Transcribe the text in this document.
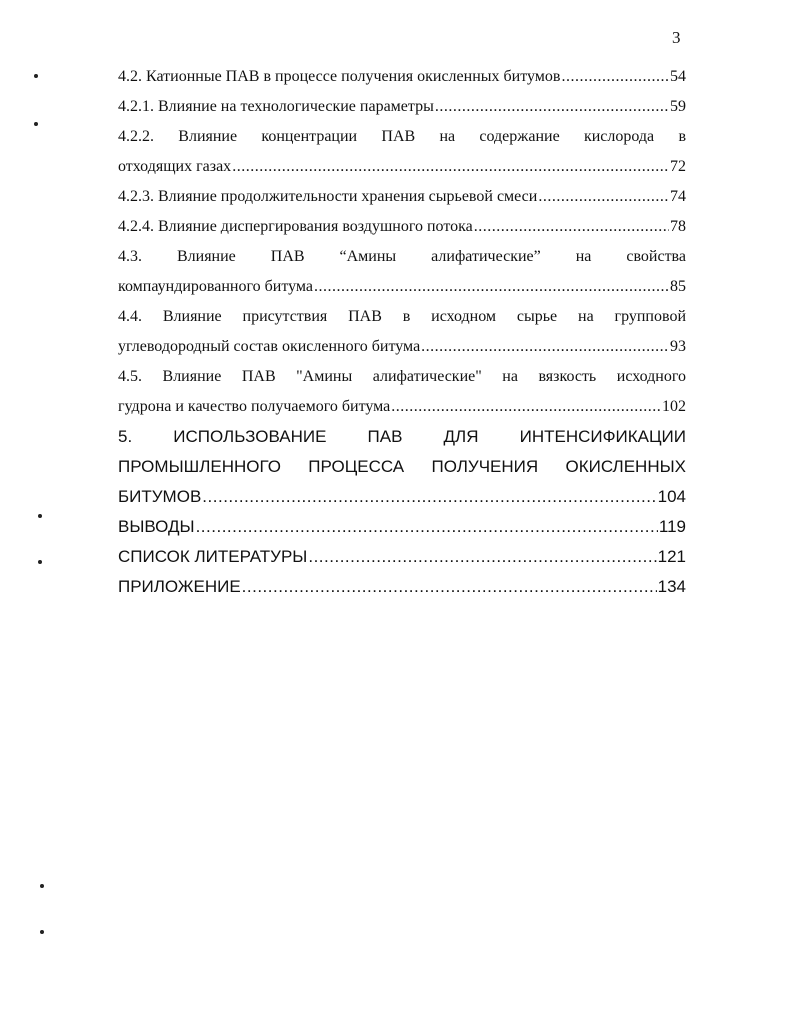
3
4.2. Катионные ПАВ в процессе получения окисленных битумов .....	54
4.2.1. Влияние на технологические параметры .....	59
4.2.2. Влияние концентрации ПАВ на содержание кислорода в
отходящих газах .....	72
4.2.3. Влияние продолжительности хранения сырьевой смеси .....	74
4.2.4. Влияние диспергирования воздушного потока .....	78
4.3. Влияние ПАВ “Амины алифатические” на свойства
компаундированного битума .....	85
4.4. Влияние присутствия ПАВ в исходном сырье на групповой
углеводородный состав окисленного битума .....	93
4.5. Влияние ПАВ "Амины алифатические" на вязкость исходного
гудрона и качество получаемого битума .....	102
5. ИСПОЛЬЗОВАНИЕ ПАВ ДЛЯ ИНТЕНСИФИКАЦИИ
ПРОМЫШЛЕННОГО ПРОЦЕССА ПОЛУЧЕНИЯ ОКИСЛЕННЫХ
БИТУМОВ .....	104
ВЫВОДЫ .....	119
СПИСОК ЛИТЕРАТУРЫ .....	121
ПРИЛОЖЕНИЕ .....	134
